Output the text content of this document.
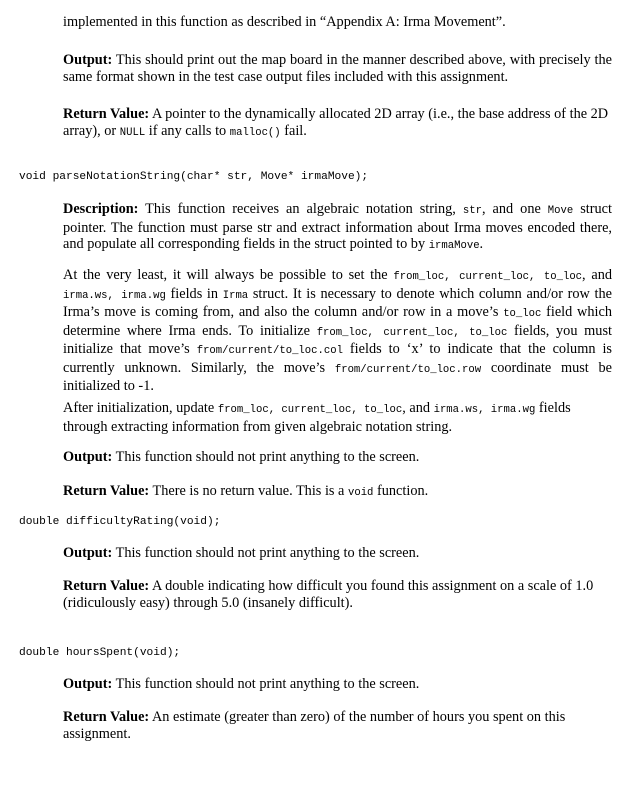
implemented in this function as described in “Appendix A: Irma Movement”.

Output: This should print out the map board in the manner described above, with precisely the same format shown in the test case output files included with this assignment.

Return Value: A pointer to the dynamically allocated 2D array (i.e., the base address of the 2D array), or NULL if any calls to malloc() fail.

void parseNotationString(char* str, Move* irmaMove);

Description: This function receives an algebraic notation string, str, and one Move struct pointer. The function must parse str and extract information about Irma moves encoded there, and populate all corresponding fields in the struct pointed to by irmaMove.

At the very least, it will always be possible to set the from_loc, current_loc, to_loc, and irma.ws, irma.wg fields in Irma struct. It is necessary to denote which column and/or row the Irma’s move is coming from, and also the column and/or row in a move’s to_loc field which determine where Irma ends. To initialize from_loc, current_loc, to_loc fields, you must initialize that move’s from/current/to_loc.col fields to ‘x’ to indicate that the column is currently unknown. Similarly, the move’s from/current/to_loc.row coordinate must be initialized to -1.

After initialization, update from_loc, current_loc, to_loc, and irma.ws, irma.wg fields through extracting information from given algebraic notation string.

Output: This function should not print anything to the screen.

Return Value: There is no return value. This is a void function.

double difficultyRating(void);

Output: This function should not print anything to the screen.

Return Value: A double indicating how difficult you found this assignment on a scale of 1.0 (ridiculously easy) through 5.0 (insanely difficult).

double hoursSpent(void);

Output: This function should not print anything to the screen.

Return Value: An estimate (greater than zero) of the number of hours you spent on this assignment.
